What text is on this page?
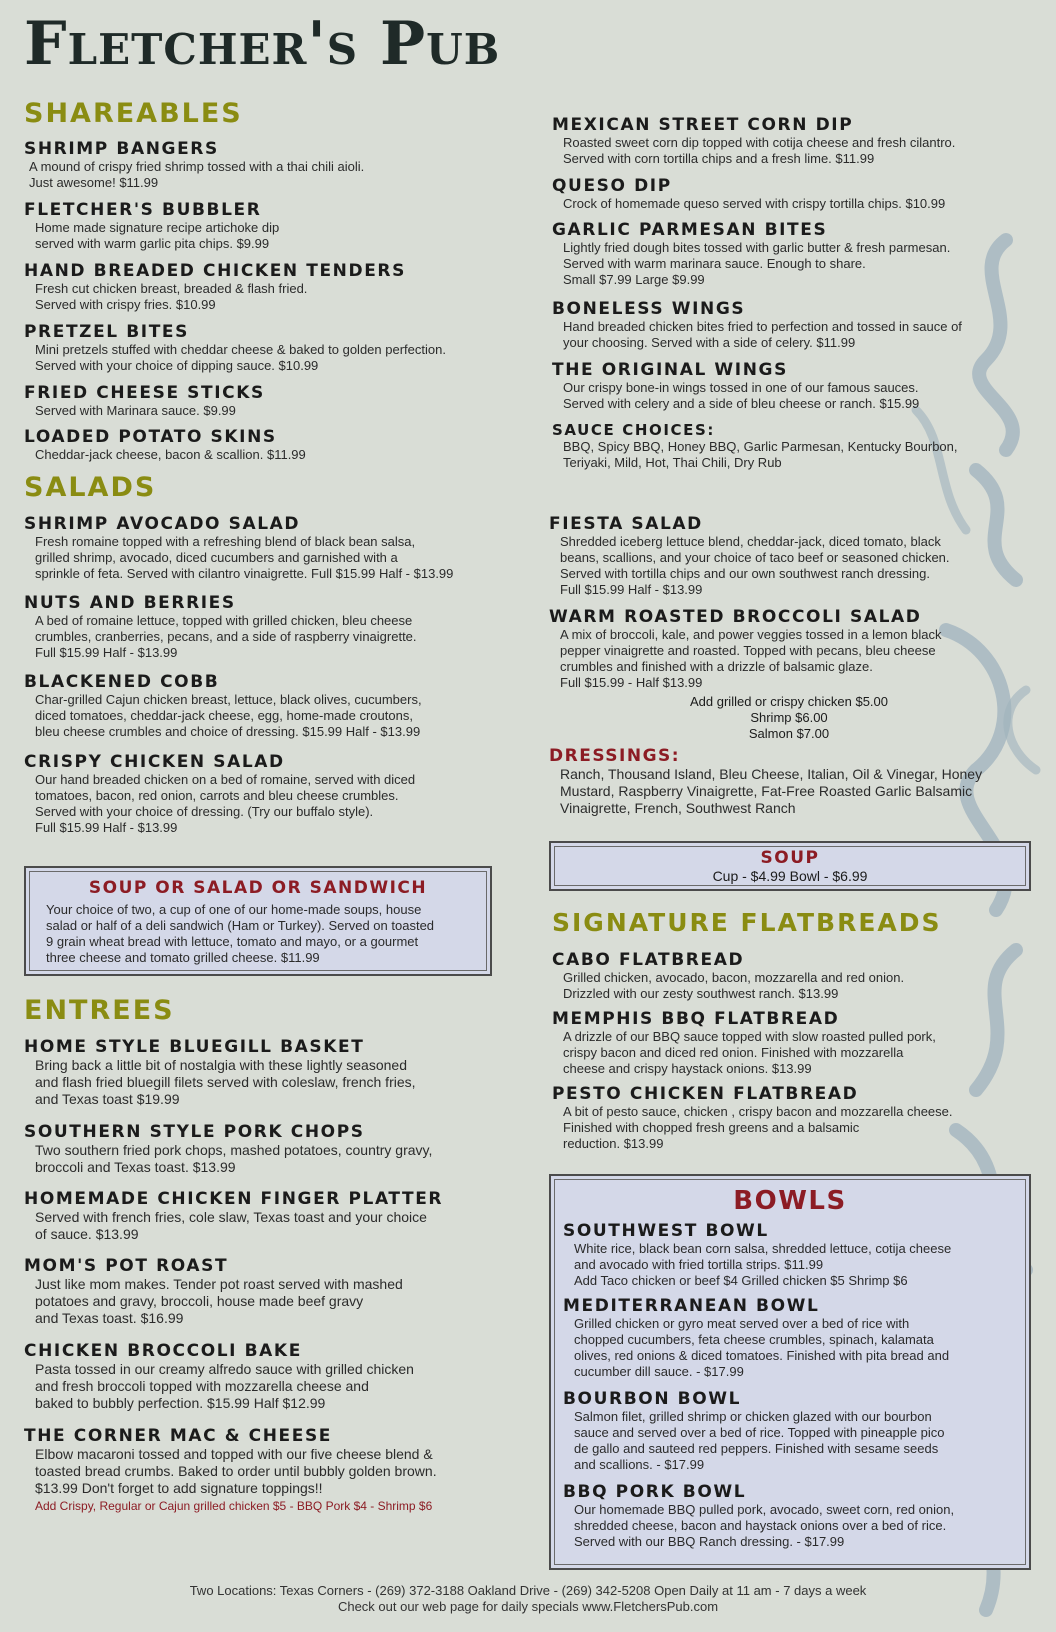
Fletcher's Pub
SHAREABLES
SHRIMP BANGERS
A mound of crispy fried shrimp tossed with a thai chili aioli.
Just awesome! $11.99
FLETCHER'S BUBBLER
Home made signature recipe artichoke dip
served with warm garlic pita chips. $9.99
HAND BREADED CHICKEN TENDERS
Fresh cut chicken breast, breaded & flash fried.
Served with crispy fries. $10.99
PRETZEL BITES
Mini pretzels stuffed with cheddar cheese & baked to golden perfection.
Served with your choice of dipping sauce. $10.99
FRIED CHEESE STICKS
Served with Marinara sauce. $9.99
LOADED POTATO SKINS
Cheddar-jack cheese, bacon & scallion. $11.99
SALADS
SHRIMP AVOCADO SALAD
Fresh romaine topped with a refreshing blend of black bean salsa,
grilled shrimp, avocado, diced cucumbers and garnished with a
sprinkle of feta. Served with cilantro vinaigrette. Full $15.99 Half - $13.99
NUTS AND BERRIES
A bed of romaine lettuce, topped with grilled chicken, bleu cheese
crumbles, cranberries, pecans, and a side of raspberry vinaigrette.
Full $15.99 Half - $13.99
BLACKENED COBB
Char-grilled Cajun chicken breast, lettuce, black olives, cucumbers,
diced tomatoes, cheddar-jack cheese, egg, home-made croutons,
bleu cheese crumbles and choice of dressing. $15.99 Half - $13.99
CRISPY CHICKEN SALAD
Our hand breaded chicken on a bed of romaine, served with diced
tomatoes, bacon, red onion, carrots and bleu cheese crumbles.
Served with your choice of dressing. (Try our buffalo style).
Full $15.99 Half - $13.99
SOUP OR SALAD OR SANDWICH
Your choice of two, a cup of one of our home-made soups, house
salad or half of a deli sandwich (Ham or Turkey). Served on toasted
9 grain wheat bread with lettuce, tomato and mayo, or a gourmet
three cheese and tomato grilled cheese. $11.99
ENTREES
HOME STYLE BLUEGILL BASKET
Bring back a little bit of nostalgia with these lightly seasoned
and flash fried bluegill filets served with coleslaw, french fries,
and Texas toast $19.99
SOUTHERN STYLE PORK CHOPS
Two southern fried pork chops, mashed potatoes, country gravy,
broccoli and Texas toast. $13.99
HOMEMADE CHICKEN FINGER PLATTER
Served with french fries, cole slaw, Texas toast and your choice
of sauce. $13.99
MOM'S POT ROAST
Just like mom makes. Tender pot roast served with mashed
potatoes and gravy, broccoli, house made beef gravy
and Texas toast. $16.99
CHICKEN BROCCOLI BAKE
Pasta tossed in our creamy alfredo sauce with grilled chicken
and fresh broccoli topped with mozzarella cheese and
baked to bubbly perfection. $15.99 Half $12.99
THE CORNER MAC & CHEESE
Elbow macaroni tossed and topped with our five cheese blend &
toasted bread crumbs. Baked to order until bubbly golden brown.
$13.99 Don't forget to add signature toppings!!
Add Crispy, Regular or Cajun grilled chicken $5 - BBQ Pork $4 - Shrimp $6
MEXICAN STREET CORN DIP
Roasted sweet corn dip topped with cotija cheese and fresh cilantro.
Served with corn tortilla chips and a fresh lime. $11.99
QUESO DIP
Crock of homemade queso served with crispy tortilla chips. $10.99
GARLIC PARMESAN BITES
Lightly fried dough bites tossed with garlic butter & fresh parmesan.
Served with warm marinara sauce. Enough to share.
Small $7.99 Large $9.99
BONELESS WINGS
Hand breaded chicken bites fried to perfection and tossed in sauce of
your choosing. Served with a side of celery. $11.99
THE ORIGINAL WINGS
Our crispy bone-in wings tossed in one of our famous sauces.
Served with celery and a side of bleu cheese or ranch. $15.99
SAUCE CHOICES:
BBQ, Spicy BBQ, Honey BBQ, Garlic Parmesan, Kentucky Bourbon,
Teriyaki, Mild, Hot, Thai Chili, Dry Rub
FIESTA SALAD
Shredded iceberg lettuce blend, cheddar-jack, diced tomato, black
beans, scallions, and your choice of taco beef or seasoned chicken.
Served with tortilla chips and our own southwest ranch dressing.
Full $15.99 Half - $13.99
WARM ROASTED BROCCOLI SALAD
A mix of broccoli, kale, and power veggies tossed in a lemon black
pepper vinaigrette and roasted. Topped with pecans, bleu cheese
crumbles and finished with a drizzle of balsamic glaze.
Full $15.99 - Half $13.99
Add grilled or crispy chicken $5.00
Shrimp $6.00
Salmon $7.00
DRESSINGS:
Ranch, Thousand Island, Bleu Cheese, Italian, Oil & Vinegar, Honey
Mustard, Raspberry Vinaigrette, Fat-Free Roasted Garlic Balsamic
Vinaigrette, French, Southwest Ranch
SOUP
Cup - $4.99 Bowl - $6.99
SIGNATURE FLATBREADS
CABO FLATBREAD
Grilled chicken, avocado, bacon, mozzarella and red onion.
Drizzled with our zesty southwest ranch. $13.99
MEMPHIS BBQ FLATBREAD
A drizzle of our BBQ sauce topped with slow roasted pulled pork,
crispy bacon and diced red onion. Finished with mozzarella
cheese and crispy haystack onions. $13.99
PESTO CHICKEN FLATBREAD
A bit of pesto sauce, chicken , crispy bacon and mozzarella cheese.
Finished with chopped fresh greens and a balsamic
reduction. $13.99
BOWLS
SOUTHWEST BOWL
White rice, black bean corn salsa, shredded lettuce, cotija cheese
and avocado with fried tortilla strips. $11.99
Add Taco chicken or beef $4 Grilled chicken $5 Shrimp $6
MEDITERRANEAN BOWL
Grilled chicken or gyro meat served over a bed of rice with
chopped cucumbers, feta cheese crumbles, spinach, kalamata
olives, red onions & diced tomatoes. Finished with pita bread and
cucumber dill sauce. - $17.99
BOURBON BOWL
Salmon filet, grilled shrimp or chicken glazed with our bourbon
sauce and served over a bed of rice. Topped with pineapple pico
de gallo and sauteed red peppers. Finished with sesame seeds
and scallions. - $17.99
BBQ PORK BOWL
Our homemade BBQ pulled pork, avocado, sweet corn, red onion,
shredded cheese, bacon and haystack onions over a bed of rice.
Served with our BBQ Ranch dressing. - $17.99
Two Locations: Texas Corners - (269) 372-3188 Oakland Drive - (269) 342-5208 Open Daily at 11 am - 7 days a week
Check out our web page for daily specials www.FletchersPub.com
